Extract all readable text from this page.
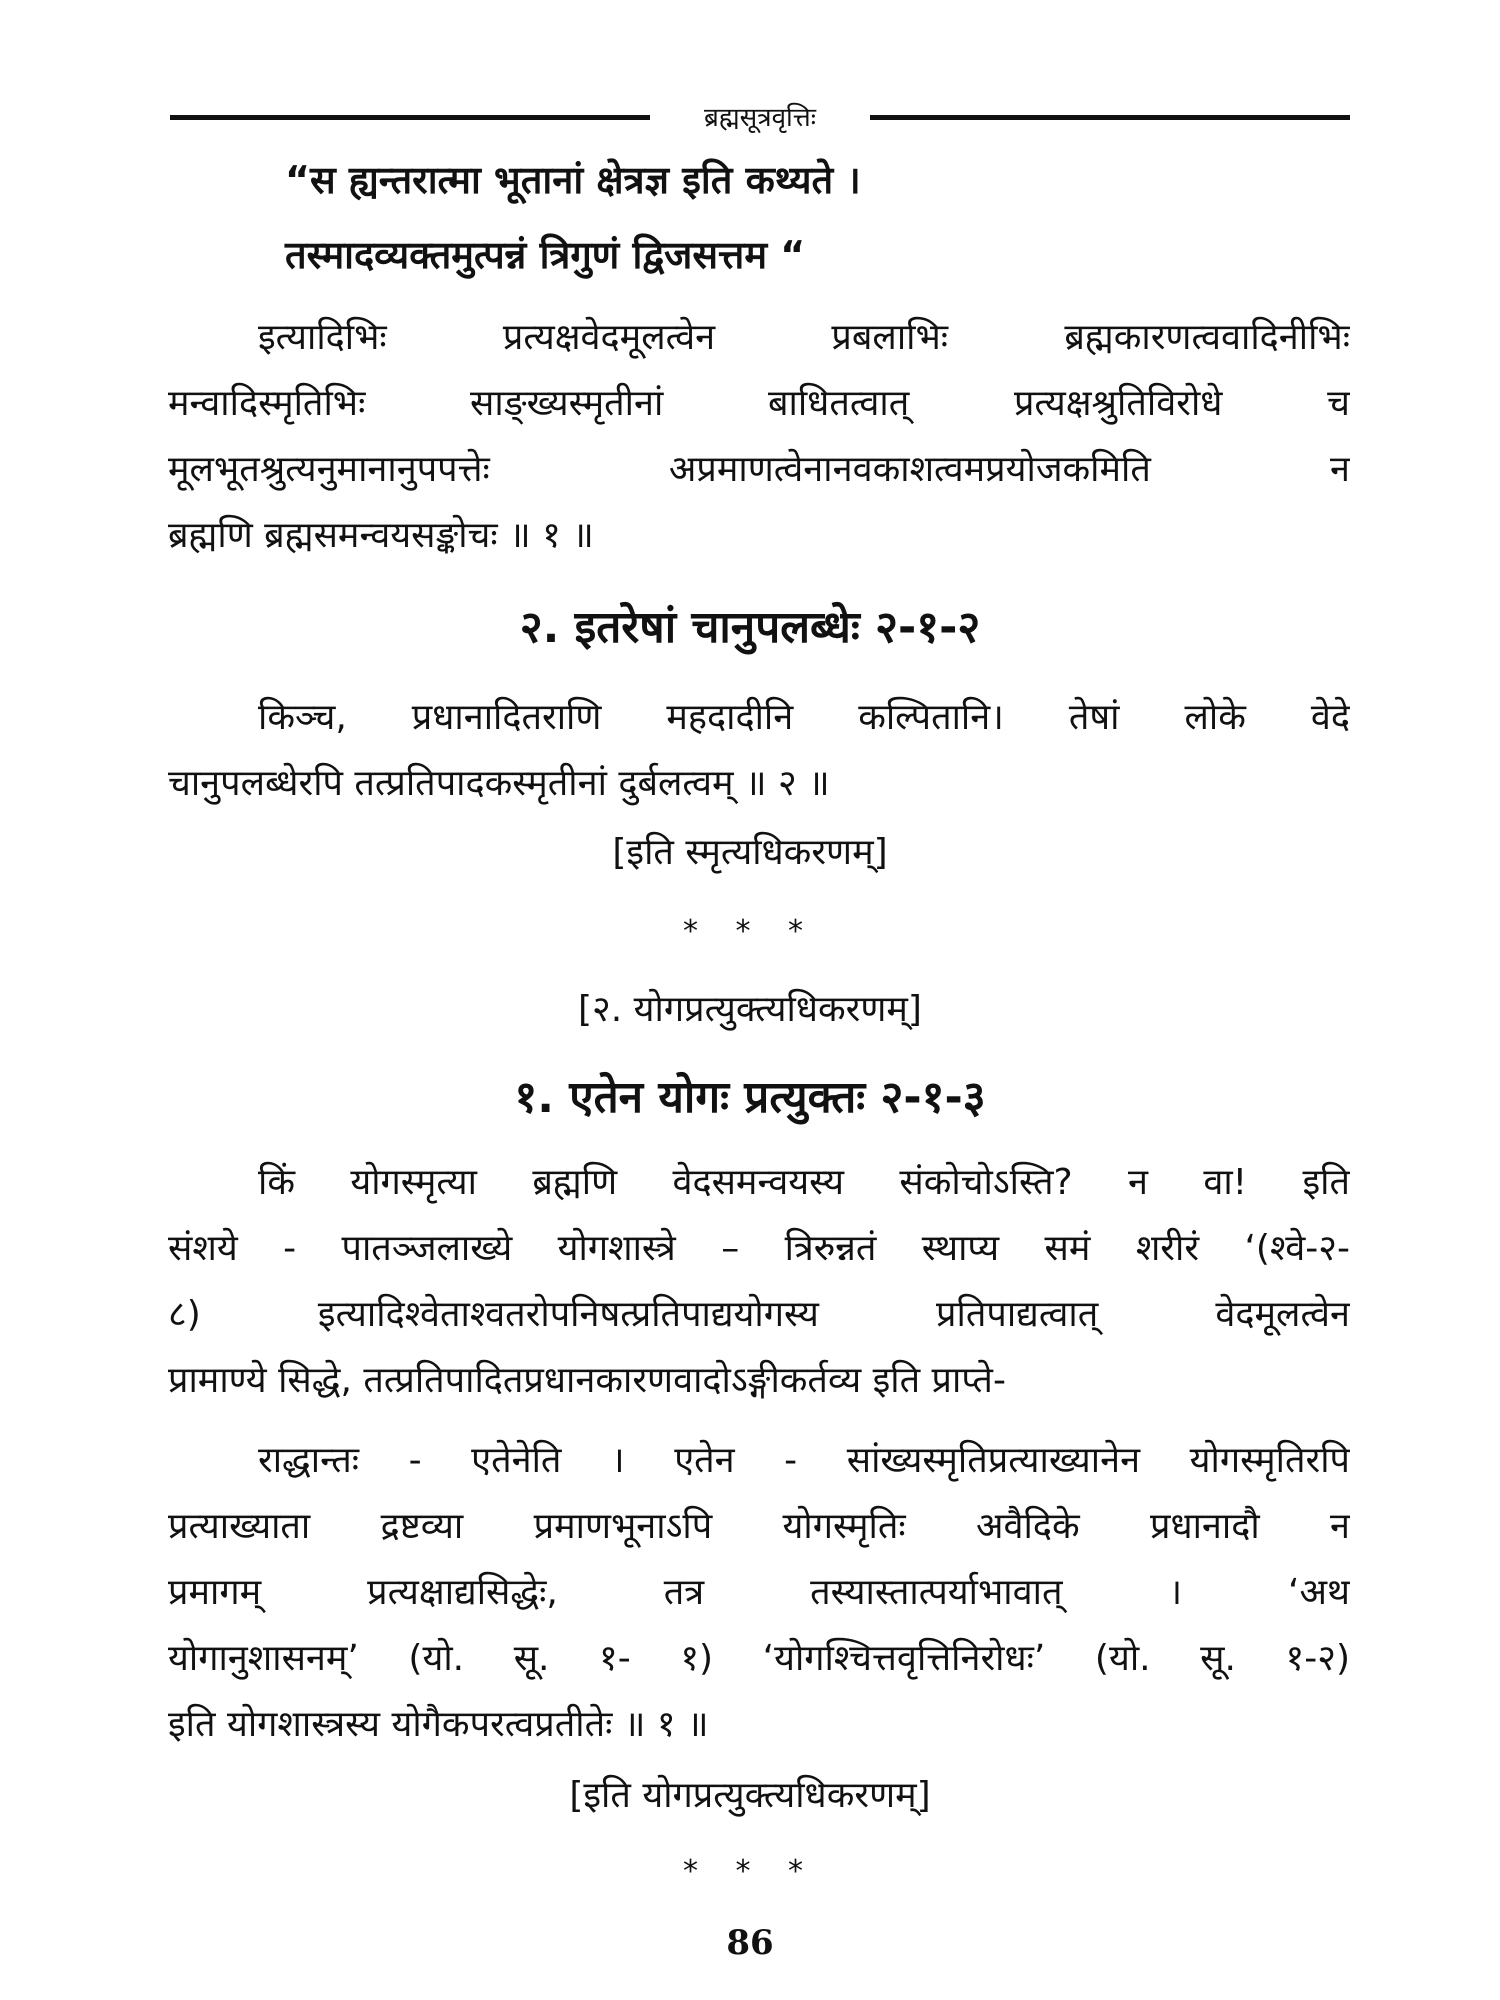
ब्रह्मसूत्रवृत्तिः
“स ह्यन्तरात्मा भूतानां क्षेत्रज्ञ इति कथ्यते ।
तस्मादव्यक्तमुत्पन्नं त्रिगुणं द्विजसत्तम “
इत्यादिभिः प्रत्यक्षवेदमूलत्वेन प्रबलाभिः ब्रह्मकारणत्ववादिनीभिः
मन्वादिस्मृतिभिः साङ्ख्यस्मृतीनां बाधितत्वात् प्रत्यक्षश्रुतिविरोधे च
मूलभूतश्रुत्यनुमानानुपपत्तेः अप्रमाणत्वेनानवकाशत्वमप्रयोजकमिति न
ब्रह्मणि ब्रह्मसमन्वयसङ्कोचः ॥ १ ॥
२. इतरेषां चानुपलब्धेः २-१-२
किञ्च, प्रधानादितराणि महदादीनि कल्पितानि। तेषां लोके वेदे
चानुपलब्धेरपि तत्प्रतिपादकस्मृतीनां दुर्बलत्वम् ॥ २ ॥
[इति स्मृत्यधिकरणम्]
* * *
[२. योगप्रत्युक्त्यधिकरणम्]
१. एतेन योगः प्रत्युक्तः २-१-३
किं योगस्मृत्या ब्रह्मणि वेदसमन्वयस्य संकोचोऽस्ति? न वा! इति
संशये - पातञ्जलाख्ये योगशास्त्रे – त्रिरुन्नतं स्थाप्य समं शरीरं ‘(श्वे-२-
८) इत्यादिश्वेताश्वतरोपनिषत्प्रतिपाद्ययोगस्य प्रतिपाद्यत्वात् वेदमूलत्वेन
प्रामाण्ये सिद्धे, तत्प्रतिपादितप्रधानकारणवादोऽङ्गीकर्तव्य इति प्राप्ते-
राद्धान्तः - एतेनेति । एतेन - सांख्यस्मृतिप्रत्याख्यानेन योगस्मृतिरपि
प्रत्याख्याता द्रष्टव्या प्रमाणभूनाऽपि योगस्मृतिः अवैदिके प्रधानादौ न
प्रमागम् प्रत्यक्षाद्यसिद्धेः, तत्र तस्यास्तात्पर्याभावात् । ‘अथ
योगानुशासनम्’ (यो. सू. १- १) ‘योगश्चित्तवृत्तिनिरोधः’ (यो. सू. १-२)
इति योगशास्त्रस्य योगैकपरत्वप्रतीतेः ॥ १ ॥
[इति योगप्रत्युक्त्यधिकरणम्]
* * *
86
